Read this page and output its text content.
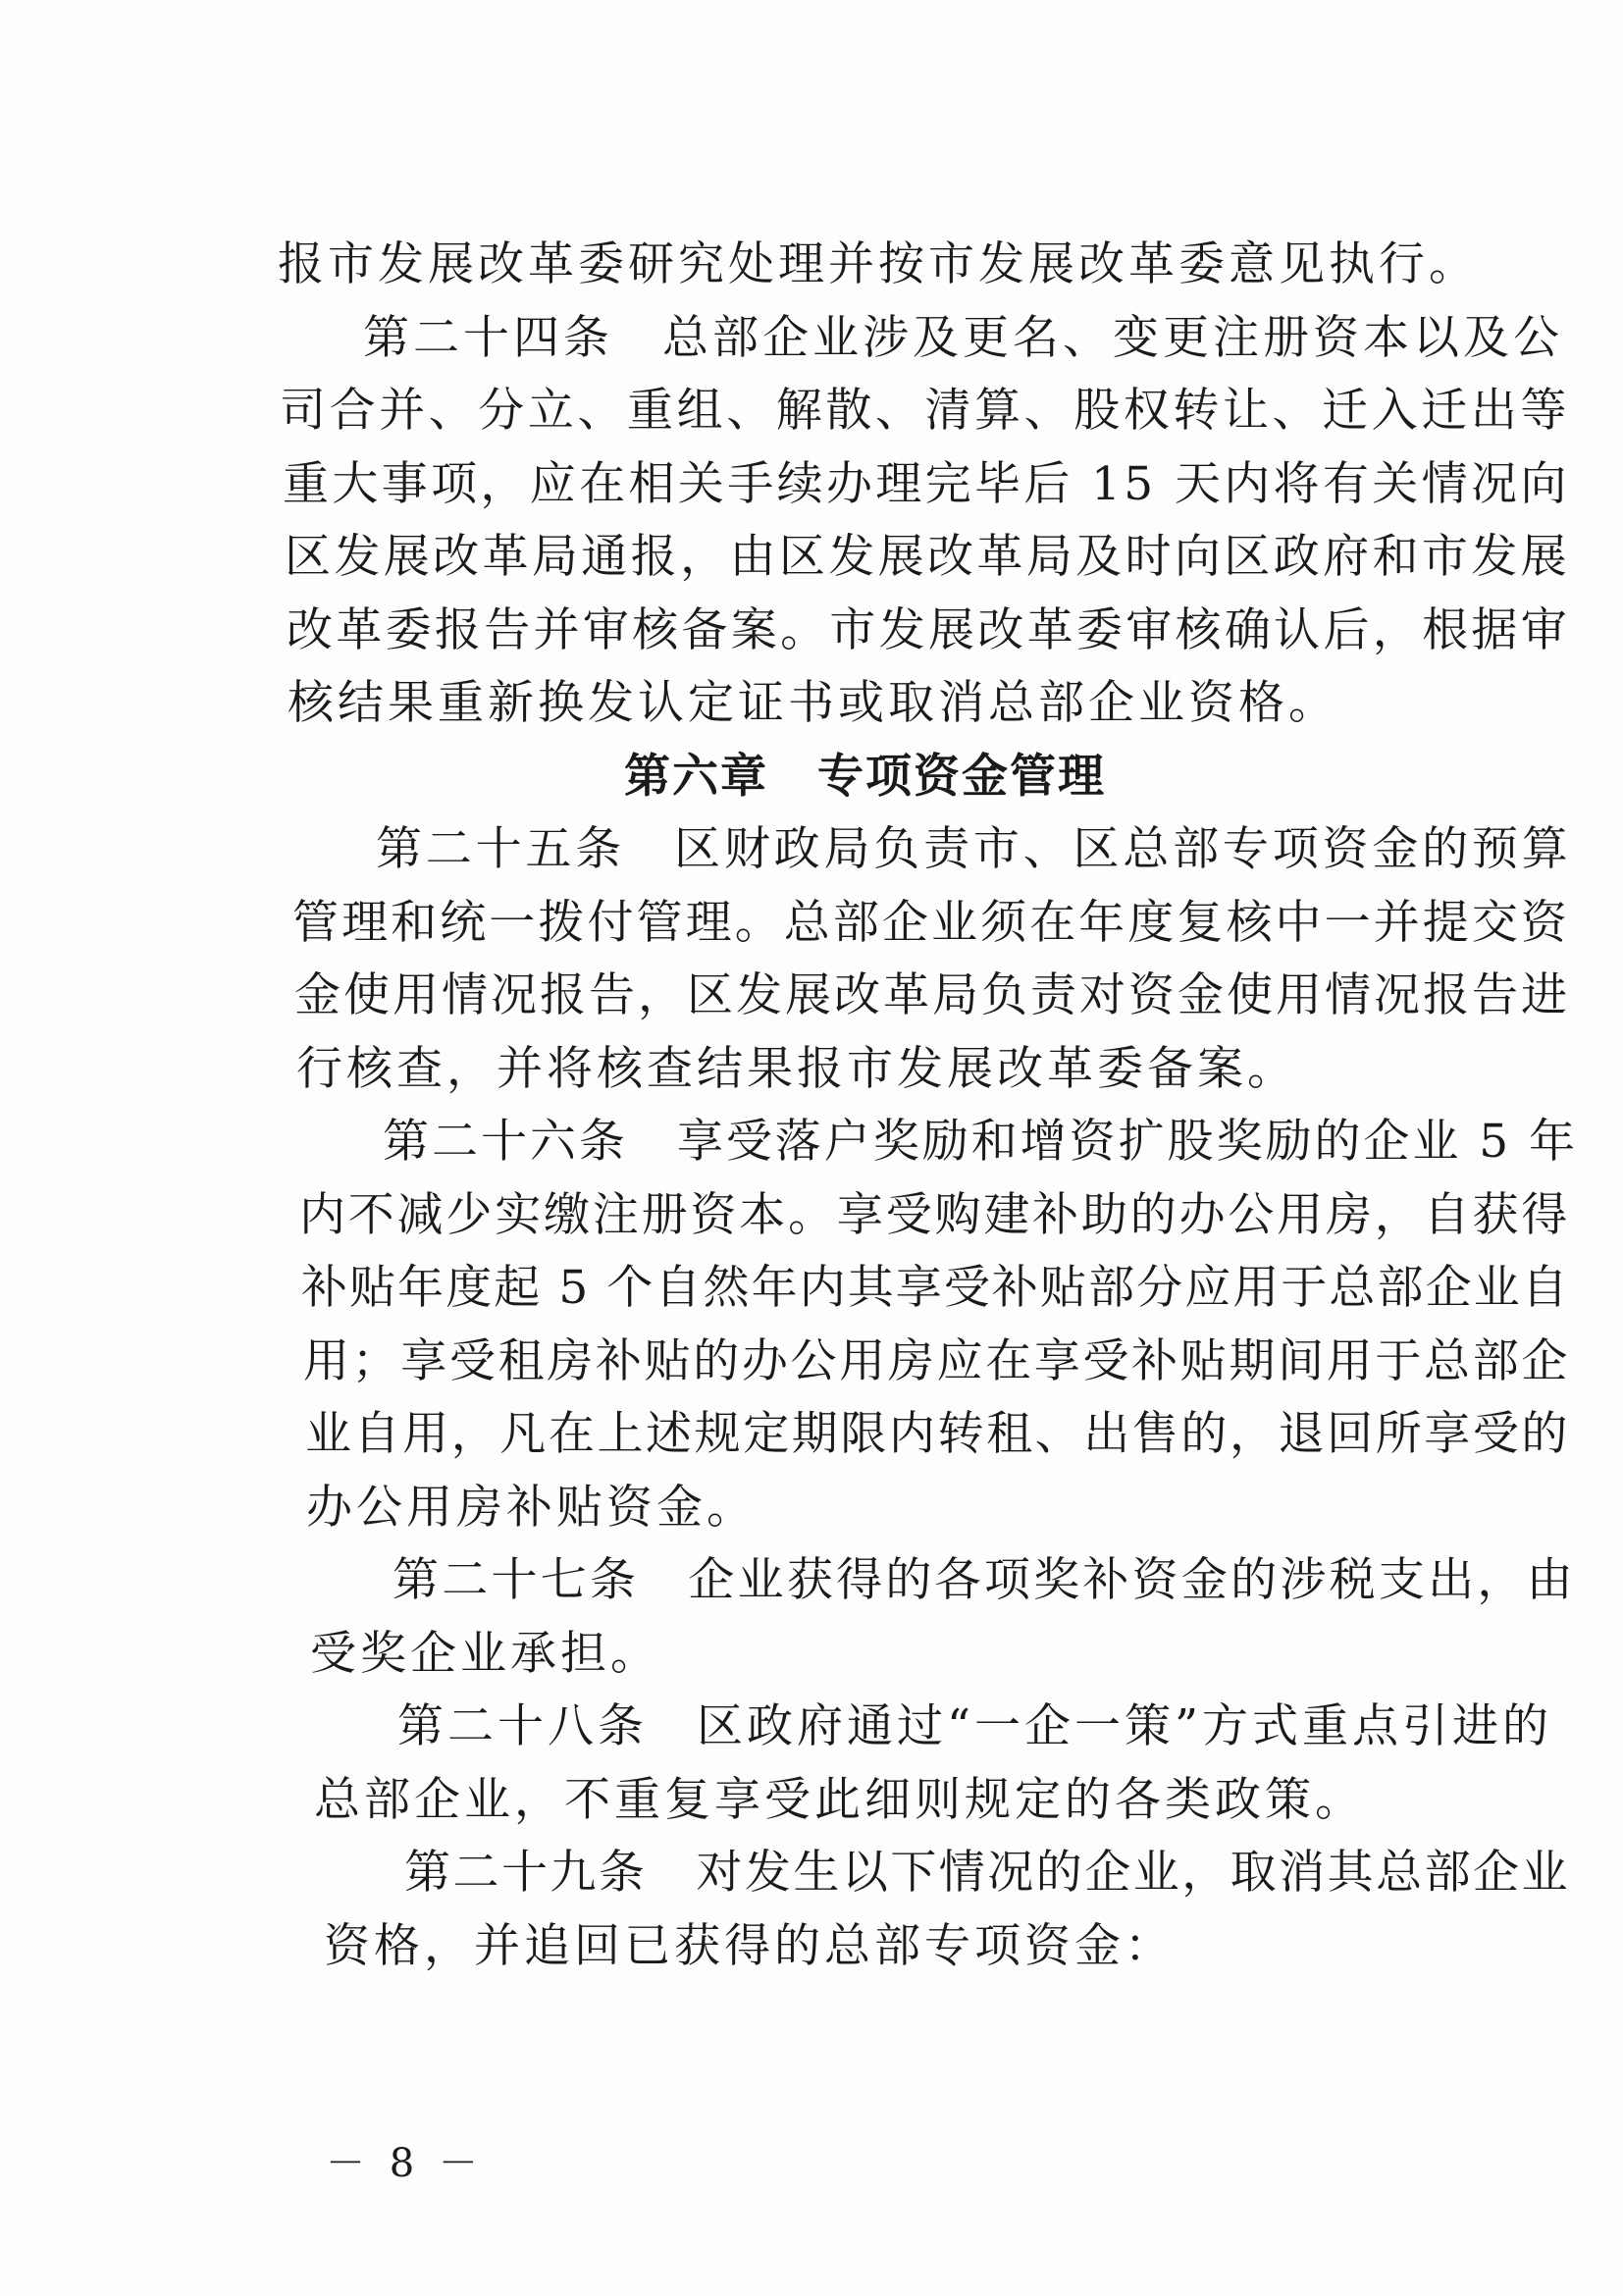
报市发展改革委研究处理并按市发展改革委意见执行。
第二十四条 总部企业涉及更名、变更注册资本以及公
司合并、分立、重组、解散、清算、股权转让、迁入迁出等
重大事项，应在相关手续办理完毕后 15 天内将有关情况向
区发展改革局通报，由区发展改革局及时向区政府和市发展
改革委报告并审核备案。市发展改革委审核确认后，根据审
核结果重新换发认定证书或取消总部企业资格。
第六章 专项资金管理
第二十五条 区财政局负责市、区总部专项资金的预算
管理和统一拨付管理。总部企业须在年度复核中一并提交资
金使用情况报告，区发展改革局负责对资金使用情况报告进
行核查，并将核查结果报市发展改革委备案。
第二十六条 享受落户奖励和增资扩股奖励的企业 5 年
内不减少实缴注册资本。享受购建补助的办公用房，自获得
补贴年度起 5 个自然年内其享受补贴部分应用于总部企业自
用；享受租房补贴的办公用房应在享受补贴期间用于总部企
业自用，凡在上述规定期限内转租、出售的，退回所享受的
办公用房补贴资金。
第二十七条 企业获得的各项奖补资金的涉税支出，由
受奖企业承担。
第二十八条 区政府通过“一企一策”方式重点引进的
总部企业，不重复享受此细则规定的各类政策。
第二十九条 对发生以下情况的企业，取消其总部企业
资格，并追回已获得的总部专项资金：
－ 8 －
